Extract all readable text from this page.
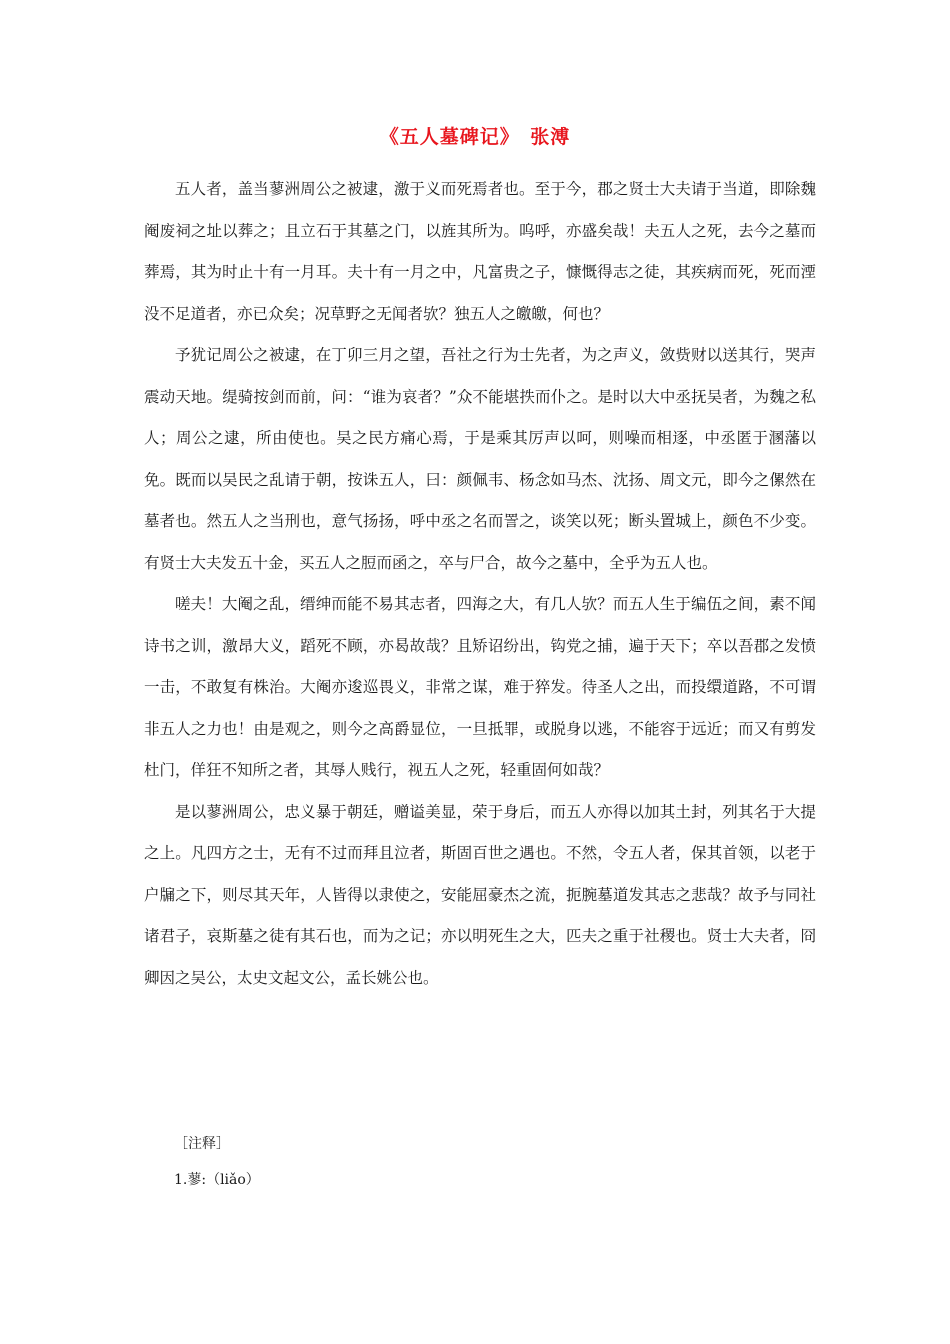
《五人墓碑记》　张溥

五人者，盖当蓼洲周公之被逮，激于义而死焉者也。至于今，郡之贤士大夫请于当道，即除魏阉废祠之址以葬之；且立石于其墓之门，以旌其所为。呜呼，亦盛矣哉！夫五人之死，去今之墓而葬焉，其为时止十有一月耳。夫十有一月之中，凡富贵之子，慷慨得志之徒，其疾病而死，死而湮没不足道者，亦已众矣；况草野之无闻者欤？独五人之皦皦，何也？

予犹记周公之被逮，在丁卯三月之望，吾社之行为士先者，为之声义，敛赀财以送其行，哭声震动天地。缇骑按剑而前，问：“谁为哀者？”众不能堪抶而仆之。是时以大中丞抚吴者，为魏之私人；周公之逮，所由使也。吴之民方痛心焉，于是乘其厉声以呵，则噪而相逐，中丞匿于溷藩以免。既而以吴民之乱请于朝，按诛五人，曰：颜佩韦、杨念如马杰、沈扬、周文元，即今之傫然在墓者也。然五人之当刑也，意气扬扬，呼中丞之名而詈之，谈笑以死；断头置城上，颜色不少变。有贤士大夫发五十金，买五人之脰而函之，卒与尸合，故今之墓中，全乎为五人也。

嗟夫！大阉之乱，缙绅而能不易其志者，四海之大，有几人欤？而五人生于编伍之间，素不闻诗书之训，激昂大义，蹈死不顾，亦曷故哉？且矫诏纷出，钩党之捕，遍于天下；卒以吾郡之发愤一击，不敢复有株治。大阉亦逡巡畏义，非常之谋，难于猝发。待圣人之出，而投缳道路，不可谓非五人之力也！由是观之，则今之高爵显位，一旦抵罪，或脱身以逃，不能容于远近；而又有剪发杜门，佯狂不知所之者，其辱人贱行，视五人之死，轻重固何如哉？

是以蓼洲周公，忠义暴于朝廷，赠谥美显，荣于身后，而五人亦得以加其土封，列其名于大提之上。凡四方之士，无有不过而拜且泣者，斯固百世之遇也。不然，令五人者，保其首领，以老于户牖之下，则尽其天年，人皆得以隶使之，安能屈豪杰之流，扼腕墓道发其志之悲哉？故予与同社诸君子，哀斯墓之徒有其石也，而为之记；亦以明死生之大，匹夫之重于社稷也。贤士大夫者，冏卿因之吴公，太史文起文公，孟长姚公也。

［注释］
1.蓼:（liǎo）
